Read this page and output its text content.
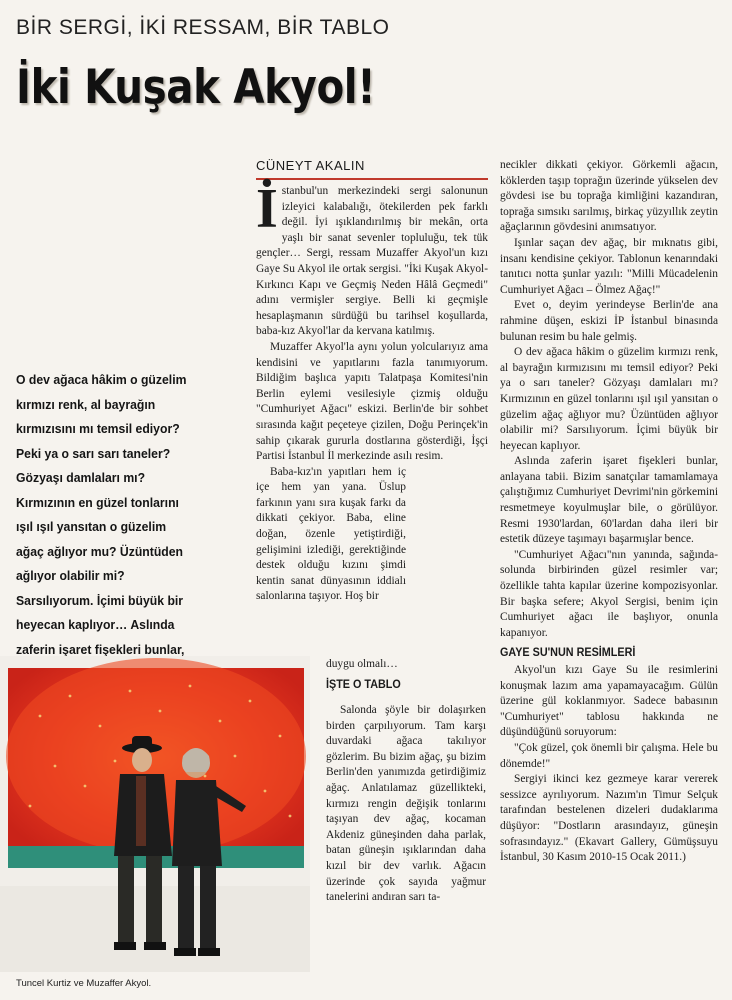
BİR SERGİ, İKİ RESSAM, BİR TABLO
İki Kuşak Akyol!
CÜNEYT AKALIN
O dev ağaca hâkim o güzelim kırmızı renk, al bayrağın kırmızısını mı temsil ediyor? Peki ya o sarı sarı taneler? Gözyaşı damlaları mı? Kırmızının en güzel tonlarını ışıl ışıl yansıtan o güzelim ağaç ağlıyor mu? Üzüntüden ağlıyor olabilir mi? Sarsılıyorum. İçimi büyük bir heyecan kaplıyor… Aslında zaferin işaret fişekleri bunlar,

İstanbul'un merkezindeki sergi salonunun izleyici kalabalığı, ötekilerden pek farklı değil. İyi ışıklandırılmış bir mekân, orta yaşlı bir sanat sevenler topluluğu, tek tük gençler… Sergi, ressam Muzaffer Akyol'un kızı Gaye Su Akyol ile ortak sergisi. "İki Kuşak Akyol- Kırkıncı Kapı ve Geçmiş Neden Hâlâ Geçmedi" adını vermişler sergiye. Belli ki geçmişle hesaplaşmanın sürdüğü bu tarihsel koşullarda, baba-kız Akyol'lar da kervana katılmış.

Muzaffer Akyol'la aynı yolun yolcularıyız ama kendisini ve yapıtlarını fazla tanımıyorum. Bildiğim başlıca yapıtı Talatpaşa Komitesi'nin Berlin eylemi vesilesiyle çizmiş olduğu "Cumhuriyet Ağacı" eskizi. Berlin'de bir sohbet sırasında kağıt peçeteye çizilen, Doğu Perinçek'in sahip çıkarak gururla dostlarına gösterdiği, İşçi Partisi İstanbul İl merkezinde asılı resim.

Baba-kız'ın yapıtları hem iç içe hem yan yana. Üslup farkının yanı sıra kuşak farkı da dikkati çekiyor. Baba, eline doğan, özenle yetiştirdiği, gelişimini izlediği, gerektiğinde destek olduğu kızını şimdi kentin sanat dünyasının iddialı salonlarına taşıyor. Hoş bir

duygu olmalı…

İŞTE O TABLO

Salonda şöyle bir dolaşırken birden çarpılıyorum. Tam karşı duvardaki ağaca takılıyor gözlerim. Bu bizim ağaç, şu bizim Berlin'den yanımızda getirdiğimiz ağaç. Anlatılamaz güzellikteki, kırmızı rengin değişik tonlarını taşıyan dev ağaç, kocaman Akdeniz güneşinden daha parlak, batan güneşin ışıklarından daha kızıl bir dev varlık. Ağacın üzerinde çok sayıda yağmur tanelerini andıran sarı ta-

necikler dikkati çekiyor. Görkemli ağacın, köklerden taşıp toprağın üzerinde yükselen dev gövdesi ise bu toprağa kimliğini kazandıran, toprağa sımsıkı sarılmış, birkaç yüzyıllık zeytin ağaçlarının gövdesini anımsatıyor.

Işınlar saçan dev ağaç, bir mıknatıs gibi, insanı kendisine çekiyor. Tablonun kenarındaki tanıtıcı notta şunlar yazılı: "Milli Mücadelenin Cumhuriyet Ağacı – Ölmez Ağaç!"

Evet o, deyim yerindeyse Berlin'de ana rahmine düşen, eskizi İP İstanbul binasında bulunan resim bu hale gelmiş.

O dev ağaca hâkim o güzelim kırmızı renk, al bayrağın kırmızısını mı temsil ediyor? Peki ya o sarı taneler? Gözyaşı damlaları mı? Kırmızının en güzel tonlarını ışıl ışıl yansıtan o güzelim ağaç ağlıyor mu? Üzüntüden ağlıyor olabilir mi? Sarsılıyorum. İçimi büyük bir heyecan kaplıyor.

Aslında zaferin işaret fişekleri bunlar, anlayana tabii. Bizim sanatçılar tamamlamaya çalıştığımız Cumhuriyet Devrimi'nin görkemini resmetmeye koyulmuşlar bile, o görülüyor. Resmi 1930'lardan, 60'lardan daha ileri bir estetik düzeye taşımayı başarmışlar bence.

"Cumhuriyet Ağacı"nın yanında, sağında-solunda birbirinden güzel resimler var; özellikle tahta kapılar üzerine kompozisyonlar. Bir başka sefere; Akyol Sergisi, benim için Cumhuriyet ağacı ile başlıyor, onunla kapanıyor.

GAYE SU'NUN RESİMLERİ

Akyol'un kızı Gaye Su ile resimlerini konuşmak lazım ama yapamayacağım. Gülün üzerine gül koklanmıyor. Sadece babasının "Cumhuriyet" tablosu hakkında ne düşündüğünü soruyorum:

"Çok güzel, çok önemli bir çalışma. Hele bu dönemde!"

Sergiyi ikinci kez gezmeye karar vererek sessizce ayrılıyorum. Nazım'ın Timur Selçuk tarafından bestelenen dizeleri dudaklarıma düşüyor: "Dostların arasındayız, güneşin sofrasındayız." (Ekavart Gallery, Gümüşsuyu İstanbul, 30 Kasım 2010-15 Ocak 2011.)

Tuncel Kurtiz ve Muzaffer Akyol.
